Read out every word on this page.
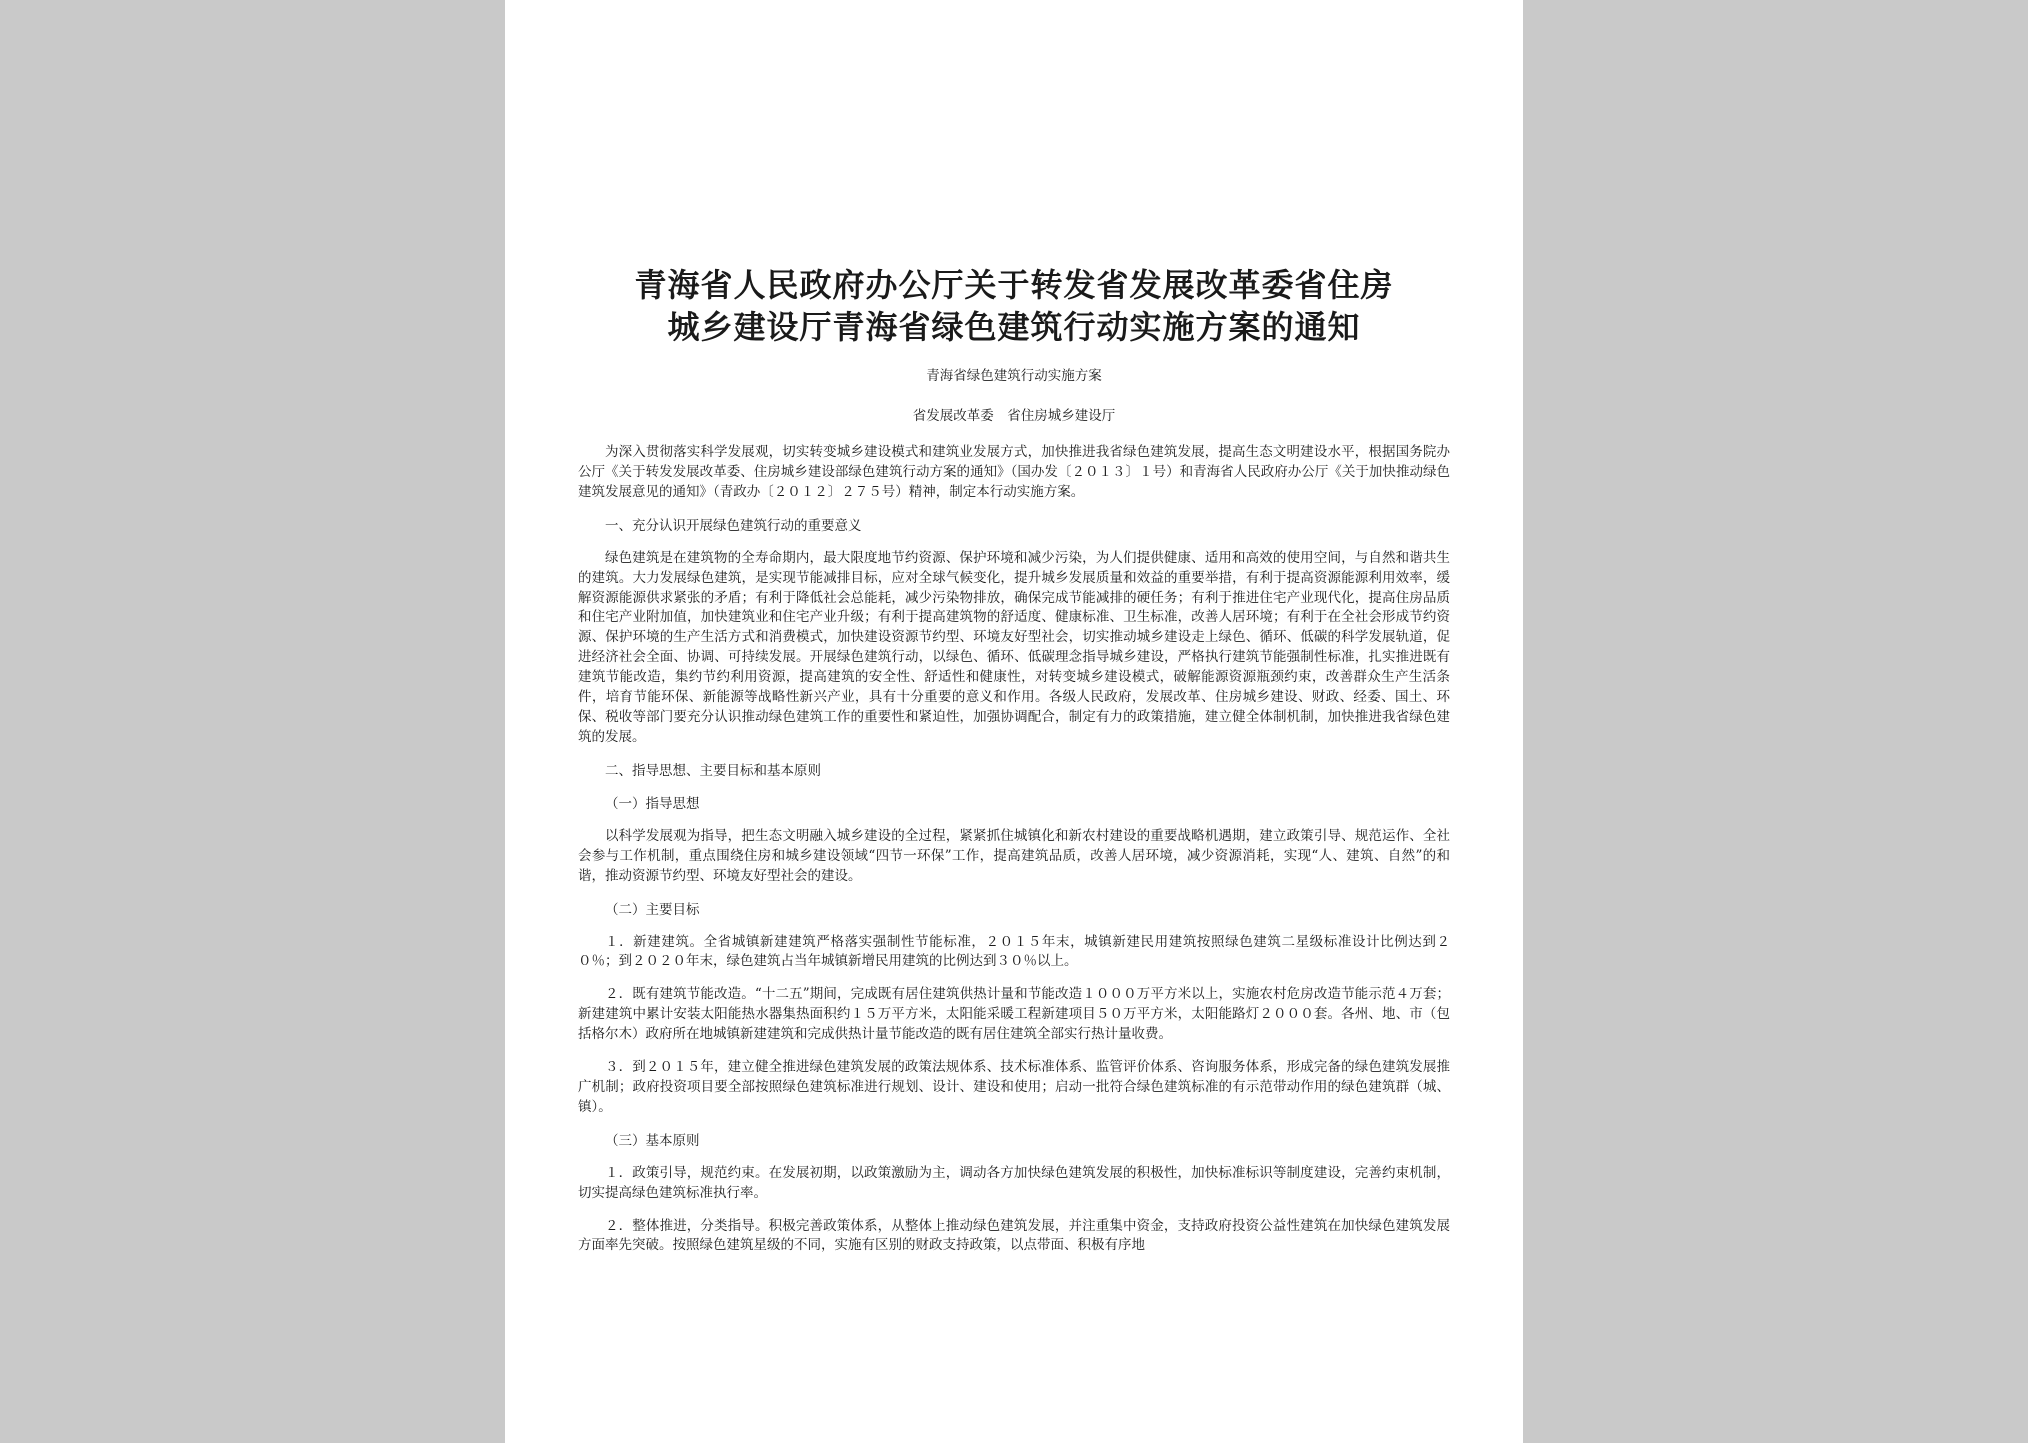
青海省人民政府办公厅关于转发省发展改革委省住房
城乡建设厅青海省绿色建筑行动实施方案的通知
青海省绿色建筑行动实施方案
省发展改革委　省住房城乡建设厅

为深入贯彻落实科学发展观，切实转变城乡建设模式和建筑业发展方式，加快推进我省绿色建筑发展，提高生态文明建设水平，根据国务院办公厅《关于转发发展改革委、住房城乡建设部绿色建筑行动方案的通知》（国办发〔２０１３〕１号）和青海省人民政府办公厅《关于加快推动绿色建筑发展意见的通知》（青政办〔２０１２〕２７５号）精神，制定本行动实施方案。

一、充分认识开展绿色建筑行动的重要意义

绿色建筑是在建筑物的全寿命期内，最大限度地节约资源、保护环境和减少污染，为人们提供健康、适用和高效的使用空间，与自然和谐共生的建筑。大力发展绿色建筑，是实现节能减排目标，应对全球气候变化，提升城乡发展质量和效益的重要举措，有利于提高资源能源利用效率，缓解资源能源供求紧张的矛盾；有利于降低社会总能耗，减少污染物排放，确保完成节能减排的硬任务；有利于推进住宅产业现代化，提高住房品质和住宅产业附加值，加快建筑业和住宅产业升级；有利于提高建筑物的舒适度、健康标准、卫生标准，改善人居环境；有利于在全社会形成节约资源、保护环境的生产生活方式和消费模式，加快建设资源节约型、环境友好型社会，切实推动城乡建设走上绿色、循环、低碳的科学发展轨道，促进经济社会全面、协调、可持续发展。开展绿色建筑行动，以绿色、循环、低碳理念指导城乡建设，严格执行建筑节能强制性标准，扎实推进既有建筑节能改造，集约节约利用资源，提高建筑的安全性、舒适性和健康性，对转变城乡建设模式，破解能源资源瓶颈约束，改善群众生产生活条件，培育节能环保、新能源等战略性新兴产业，具有十分重要的意义和作用。各级人民政府，发展改革、住房城乡建设、财政、经委、国土、环保、税收等部门要充分认识推动绿色建筑工作的重要性和紧迫性，加强协调配合，制定有力的政策措施，建立健全体制机制，加快推进我省绿色建筑的发展。

二、指导思想、主要目标和基本原则
（一）指导思想

以科学发展观为指导，把生态文明融入城乡建设的全过程，紧紧抓住城镇化和新农村建设的重要战略机遇期，建立政策引导、规范运作、全社会参与工作机制，重点围绕住房和城乡建设领域“四节一环保”工作，提高建筑品质，改善人居环境，减少资源消耗，实现“人、建筑、自然”的和谐，推动资源节约型、环境友好型社会的建设。

（二）主要目标

１．新建建筑。全省城镇新建建筑严格落实强制性节能标准，２０１５年末，城镇新建民用建筑按照绿色建筑二星级标准设计比例达到２０％；到２０２０年末，绿色建筑占当年城镇新增民用建筑的比例达到３０％以上。

２．既有建筑节能改造。“十二五”期间，完成既有居住建筑供热计量和节能改造１０００万平方米以上，实施农村危房改造节能示范４万套；新建建筑中累计安装太阳能热水器集热面积约１５万平方米，太阳能采暖工程新建项目５０万平方米，太阳能路灯２０００套。各州、地、市（包括格尔木）政府所在地城镇新建建筑和完成供热计量节能改造的既有居住建筑全部实行热计量收费。

３．到２０１５年，建立健全推进绿色建筑发展的政策法规体系、技术标准体系、监管评价体系、咨询服务体系，形成完备的绿色建筑发展推广机制；政府投资项目要全部按照绿色建筑标准进行规划、设计、建设和使用；启动一批符合绿色建筑标准的有示范带动作用的绿色建筑群（城、镇）。

（三）基本原则

１．政策引导，规范约束。在发展初期，以政策激励为主，调动各方加快绿色建筑发展的积极性，加快标准标识等制度建设，完善约束机制，切实提高绿色建筑标准执行率。

２．整体推进，分类指导。积极完善政策体系，从整体上推动绿色建筑发展，并注重集中资金，支持政府投资公益性建筑在加快绿色建筑发展方面率先突破。按照绿色建筑星级的不同，实施有区别的财政支持政策，以点带面、积极有序地
